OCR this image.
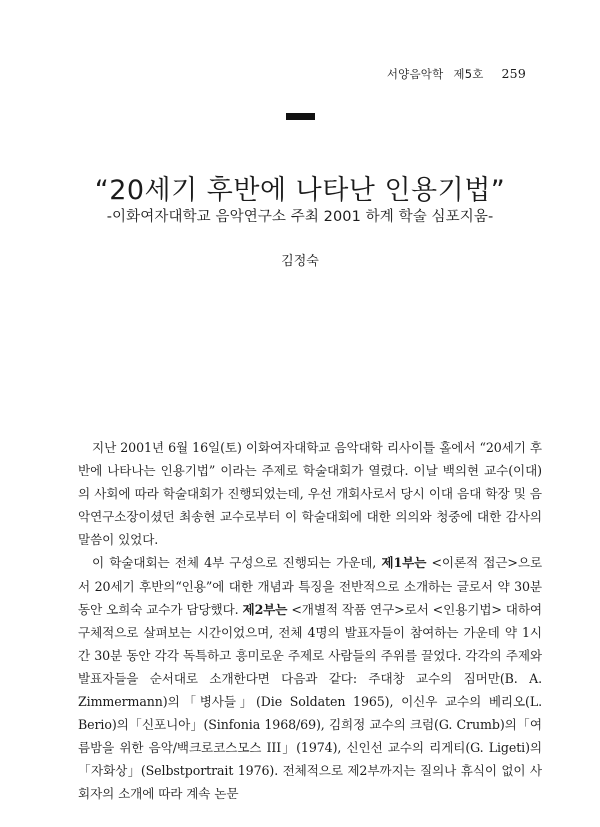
서양음악학 제5호 259
“20세기 후반에 나타난 인용기법”
-이화여자대학교 음악연구소 주최 2001 하계 학술 심포지움-
김정숙

지난 2001년 6월 16일(토) 이화여자대학교 음악대학 리사이틀 홀에서 “20세기 후반에 나타나는 인용기법” 이라는 주제로 학술대회가 열렸다. 이날 백의현 교수(이대)의 사회에 따라 학술대회가 진행되었는데, 우선 개회사로서 당시 이대 음대 학장 및 음악연구소장이셨던 최송현 교수로부터 이 학술대회에 대한 의의와 청중에 대한 감사의 말씀이 있었다.

이 학술대회는 전체 4부 구성으로 진행되는 가운데, 제1부는 <이론적 접근>으로서 20세기 후반의“인용”에 대한 개념과 특징을 전반적으로 소개하는 글로서 약 30분 동안 오희숙 교수가 담당했다. 제2부는 <개별적 작품 연구>로서 <인용기법> 대하여 구체적으로 살펴보는 시간이었으며, 전체 4명의 발표자들이 참여하는 가운데 약 1시간 30분 동안 각각 독특하고 흥미로운 주제로 사람들의 주위를 끌었다. 각각의 주제와 발표자들을 순서대로 소개한다면 다음과 같다: 주대창 교수의 짐머만(B. A. Zimmermann)의「병사들」(Die Soldaten 1965), 이신우 교수의 베리오(L. Berio)의「신포니아」(Sinfonia 1968/69), 김희정 교수의 크럼(G. Crumb)의「여름밤을 위한 음악/백크로코스모스 III」(1974), 신인선 교수의 리게티(G. Ligeti)의「자화상」(Selbstportrait 1976). 전체적으로 제2부까지는 질의나 휴식이 없이 사회자의 소개에 따라 계속 논문
